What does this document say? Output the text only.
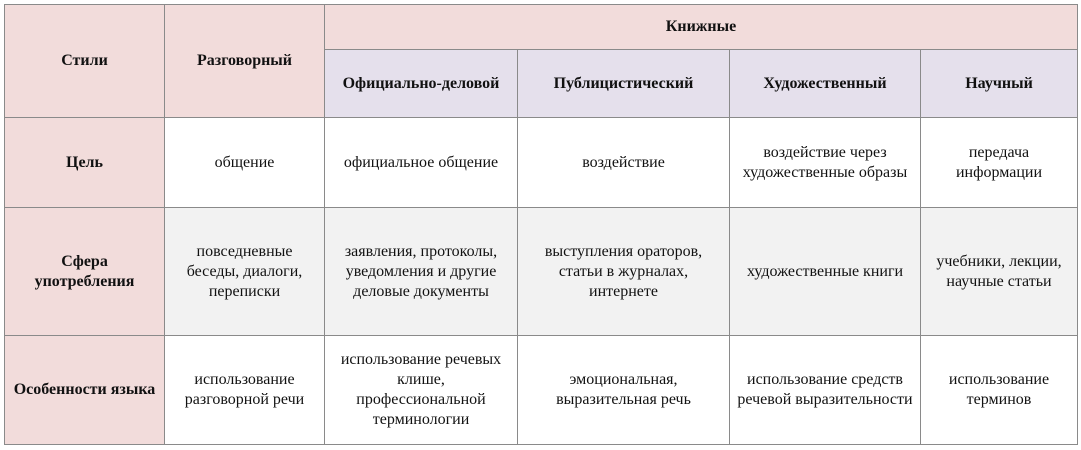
Стили	Разговорный	Книжные			
		Официально-деловой	Публицистический	Художественный	Научный
Цель	общение	официальное общение	воздействие	воздействие через художественные образы	передача информации
Сфера употребления	повседневные беседы, диалоги, переписки	заявления, протоколы, уведомления и другие деловые документы	выступления ораторов, статьи в журналах, интернете	художественные книги	учебники, лекции, научные статьи
Особенности языка	использование разговорной речи	использование речевых клише, профессиональной терминологии	эмоциональная, выразительная речь	использование средств речевой выразительности	использование терминов
